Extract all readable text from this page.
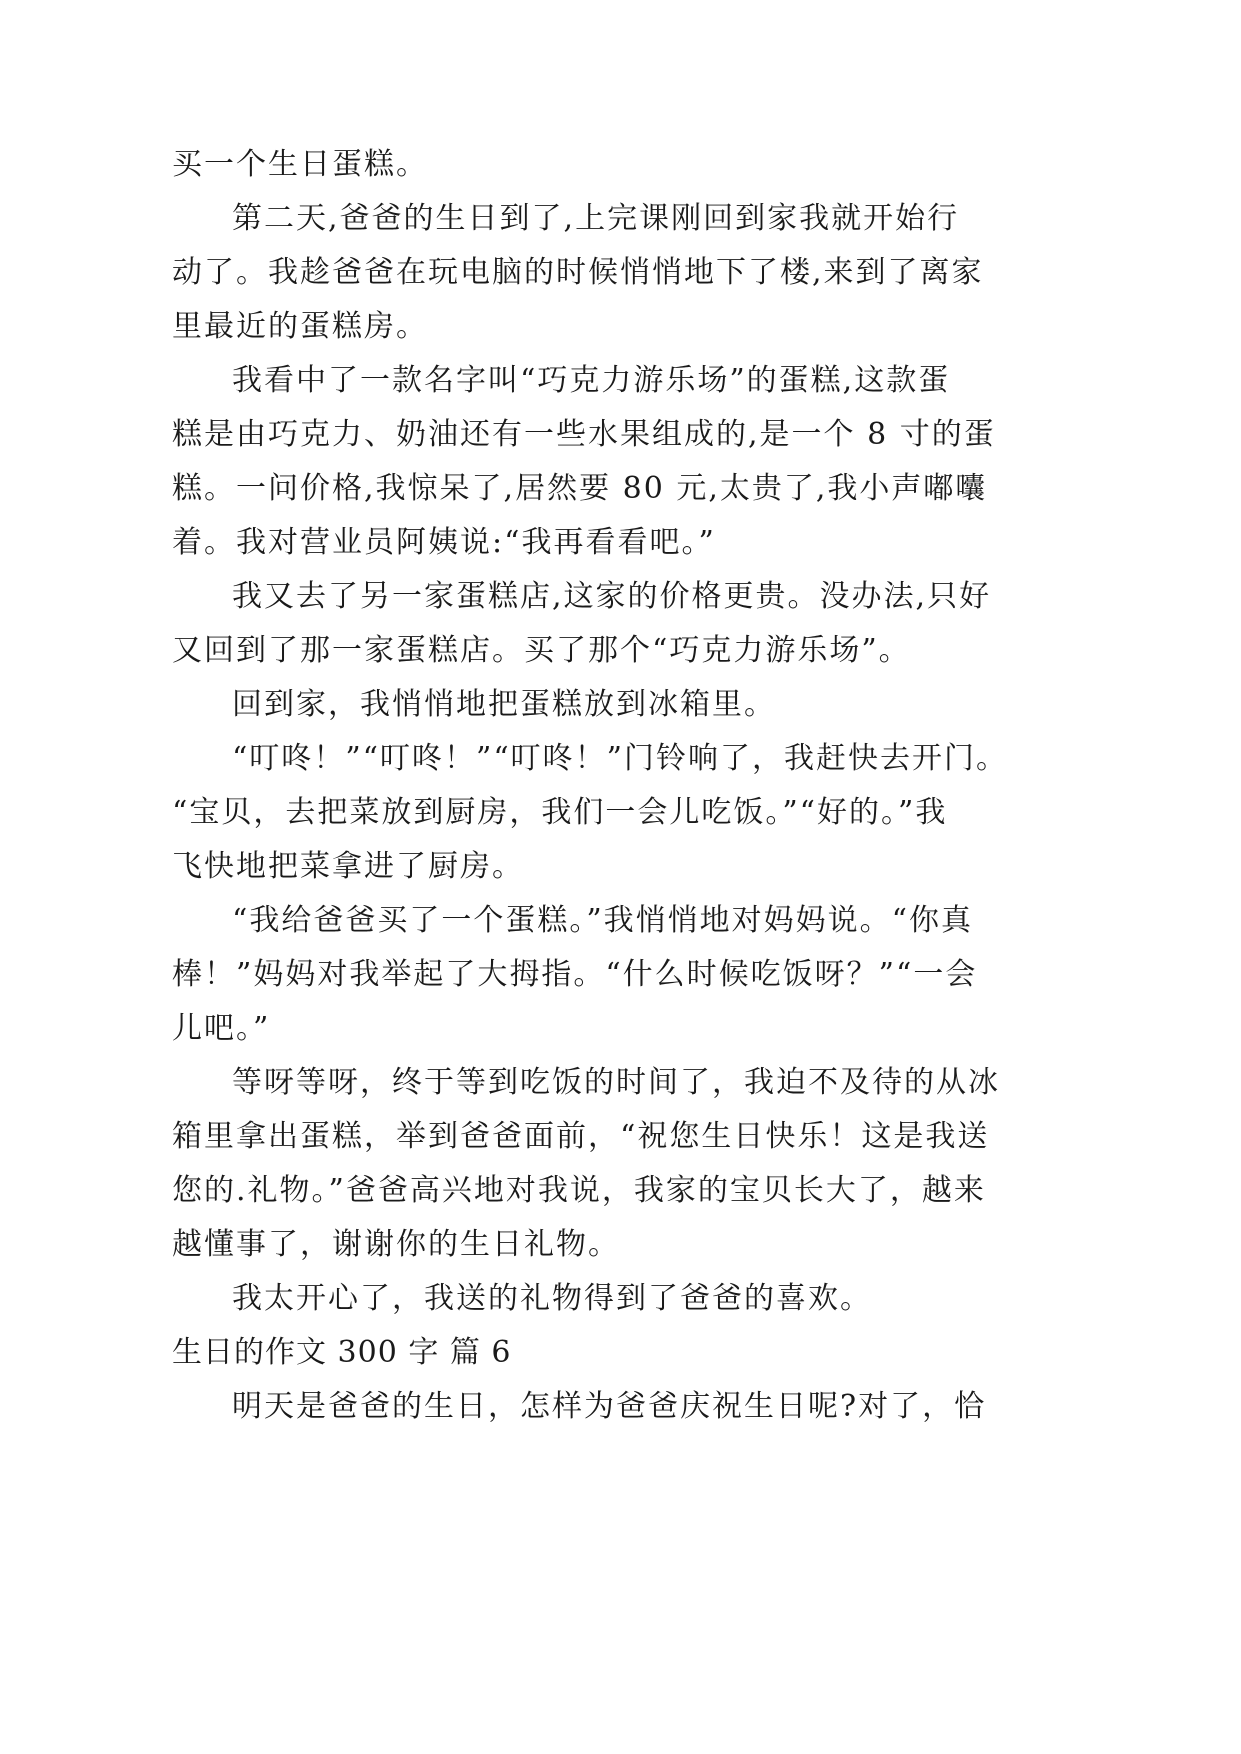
买一个生日蛋糕。
第二天,爸爸的生日到了,上完课刚回到家我就开始行
动了。我趁爸爸在玩电脑的时候悄悄地下了楼,来到了离家
里最近的蛋糕房。
我看中了一款名字叫“巧克力游乐场”的蛋糕,这款蛋
糕是由巧克力、奶油还有一些水果组成的,是一个 8 寸的蛋
糕。一问价格,我惊呆了,居然要 80 元,太贵了,我小声嘟囔
着。我对营业员阿姨说:“我再看看吧。”
我又去了另一家蛋糕店,这家的价格更贵。没办法,只好
又回到了那一家蛋糕店。买了那个“巧克力游乐场”。
回到家，我悄悄地把蛋糕放到冰箱里。
“叮咚！”“叮咚！”“叮咚！”门铃响了，我赶快去开门。
“宝贝，去把菜放到厨房，我们一会儿吃饭。”“好的。”我
飞快地把菜拿进了厨房。
“我给爸爸买了一个蛋糕。”我悄悄地对妈妈说。“你真
棒！”妈妈对我举起了大拇指。“什么时候吃饭呀？”“一会
儿吧。”
等呀等呀，终于等到吃饭的时间了，我迫不及待的从冰
箱里拿出蛋糕，举到爸爸面前，“祝您生日快乐！这是我送
您的.礼物。”爸爸高兴地对我说，我家的宝贝长大了，越来
越懂事了，谢谢你的生日礼物。
我太开心了，我送的礼物得到了爸爸的喜欢。
生日的作文 300 字 篇 6
明天是爸爸的生日，怎样为爸爸庆祝生日呢?对了，恰
